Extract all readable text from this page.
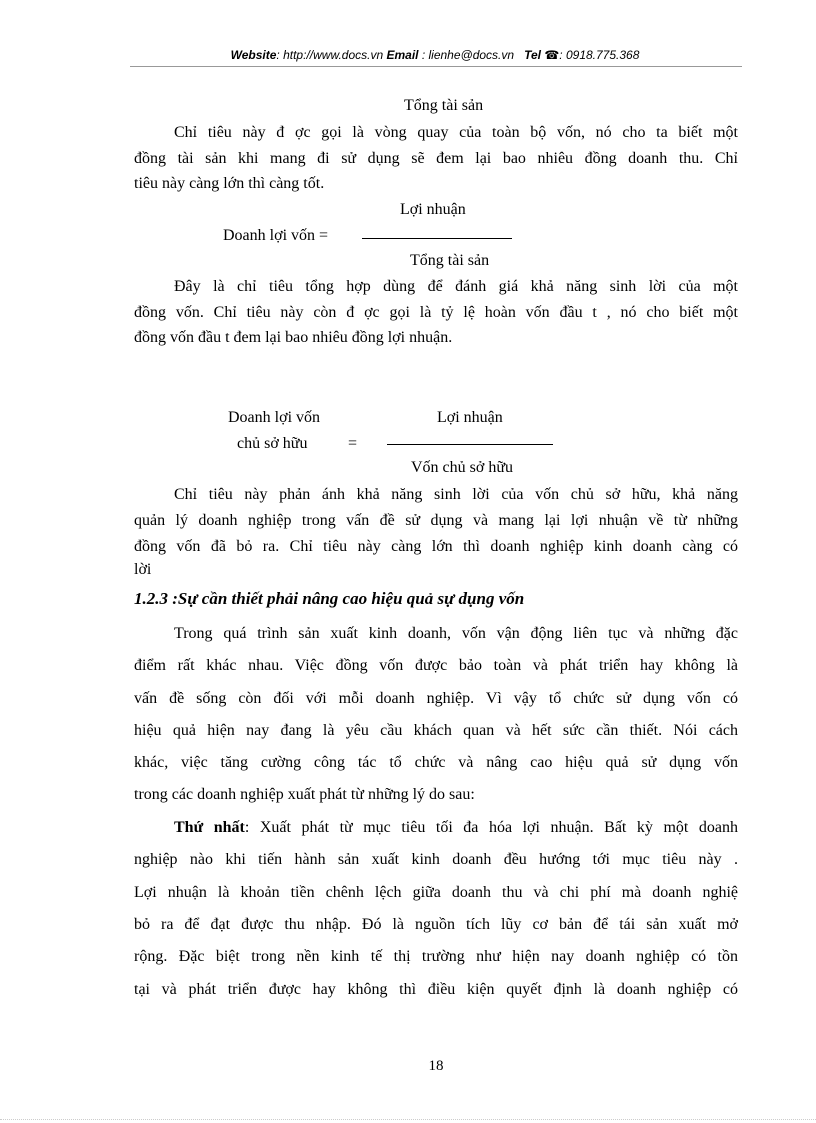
Website: http://www.docs.vn Email : lienhe@docs.vn Tel ☎: 0918.775.368
Tổng tài sản
Chỉ tiêu này đ ợc gọi là vòng quay của toàn bộ vốn, nó cho ta biết một
đồng tài sản khi mang đi sử dụng sẽ đem lại bao nhiêu đồng doanh thu. Chỉ
tiêu này càng lớn thì càng tốt.
Lợi nhuận
Doanh lợi vốn =
Tổng tài sản
Đây là chỉ tiêu tổng hợp dùng để đánh giá khả năng sinh lời của một
đồng vốn. Chỉ tiêu này còn đ ợc gọi là tỷ lệ hoàn vốn đầu t , nó cho biết một
đồng vốn đầu t đem lại bao nhiêu đồng lợi nhuận.
Doanh lợi vốn	Lợi nhuận
chủ sở hữu	=
Vốn chủ sở hữu
Chỉ tiêu này phản ánh khả năng sinh lời của vốn chủ sở hữu, khả năng
quản lý doanh nghiệp trong vấn đề sử dụng và mang lại lợi nhuận về từ những
đồng vốn đã bỏ ra. Chỉ tiêu này càng lớn thì doanh nghiệp kinh doanh càng có
lời
1.2.3 :Sự cần thiết phải nâng cao hiệu quả sự dụng vốn
Trong quá trình sản xuất kinh doanh, vốn vận động liên tục và những đặc
điểm rất khác nhau. Việc đồng vốn được bảo toàn và phát triển hay không là
vấn đề sống còn đối với mỗi doanh nghiệp. Vì vậy tổ chức sử dụng vốn có
hiệu quả hiện nay đang là yêu cầu khách quan và hết sức cần thiết. Nói cách
khác, việc tăng cường công tác tổ chức và nâng cao hiệu quả sử dụng vốn
trong các doanh nghiệp xuất phát từ những lý do sau:
Thứ nhất: Xuất phát từ mục tiêu tối đa hóa lợi nhuận. Bất kỳ một doanh
nghiệp nào khi tiến hành sản xuất kinh doanh đều hướng tới mục tiêu này .
Lợi nhuận là khoản tiền chênh lệch giữa doanh thu và chi phí mà doanh nghiệ
bỏ ra để đạt được thu nhập. Đó là nguồn tích lũy cơ bản để tái sản xuất mở
rộng. Đặc biệt trong nền kinh tế thị trường như hiện nay doanh nghiệp có tồn
tại và phát triển được hay không thì điều kiện quyết định là doanh nghiệp có
18
